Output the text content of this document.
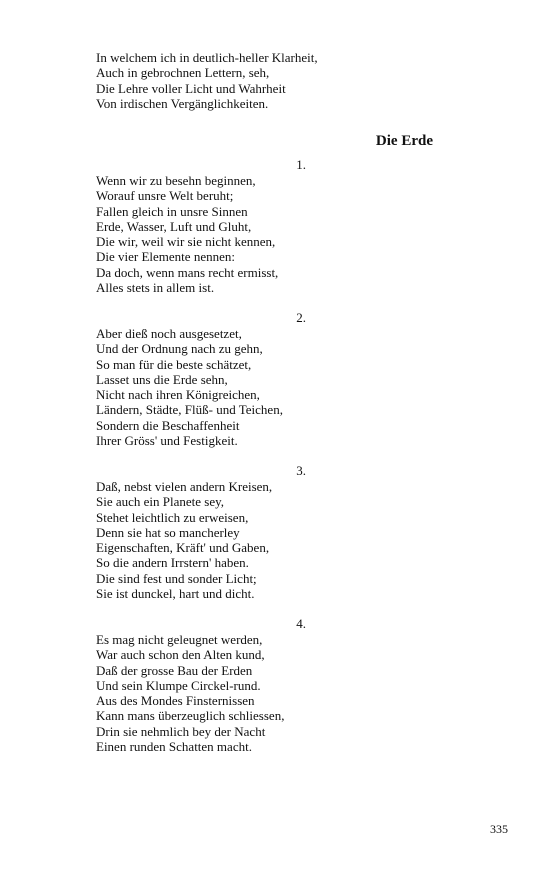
In welchem ich in deutlich-heller Klarheit,
Auch in gebrochnen Lettern, seh,
Die Lehre voller Licht und Wahrheit
Von irdischen Vergänglichkeiten.
Die Erde
1.
Wenn wir zu besehn beginnen,
Worauf unsre Welt beruht;
Fallen gleich in unsre Sinnen
Erde, Wasser, Luft und Gluht,
Die wir, weil wir sie nicht kennen,
Die vier Elemente nennen:
Da doch, wenn mans recht ermisst,
Alles stets in allem ist.
2.
Aber dieß noch ausgesetzet,
Und der Ordnung nach zu gehn,
So man für die beste schätzet,
Lasset uns die Erde sehn,
Nicht nach ihren Königreichen,
Ländern, Städte, Flüß- und Teichen,
Sondern die Beschaffenheit
Ihrer Gröss' und Festigkeit.
3.
Daß, nebst vielen andern Kreisen,
Sie auch ein Planete sey,
Stehet leichtlich zu erweisen,
Denn sie hat so mancherley
Eigenschaften, Kräft' und Gaben,
So die andern Irrstern' haben.
Die sind fest und sonder Licht;
Sie ist dunckel, hart und dicht.
4.
Es mag nicht geleugnet werden,
War auch schon den Alten kund,
Daß der grosse Bau der Erden
Und sein Klumpe Circkel-rund.
Aus des Mondes Finsternissen
Kann mans überzeuglich schliessen,
Drin sie nehmlich bey der Nacht
Einen runden Schatten macht.
335
